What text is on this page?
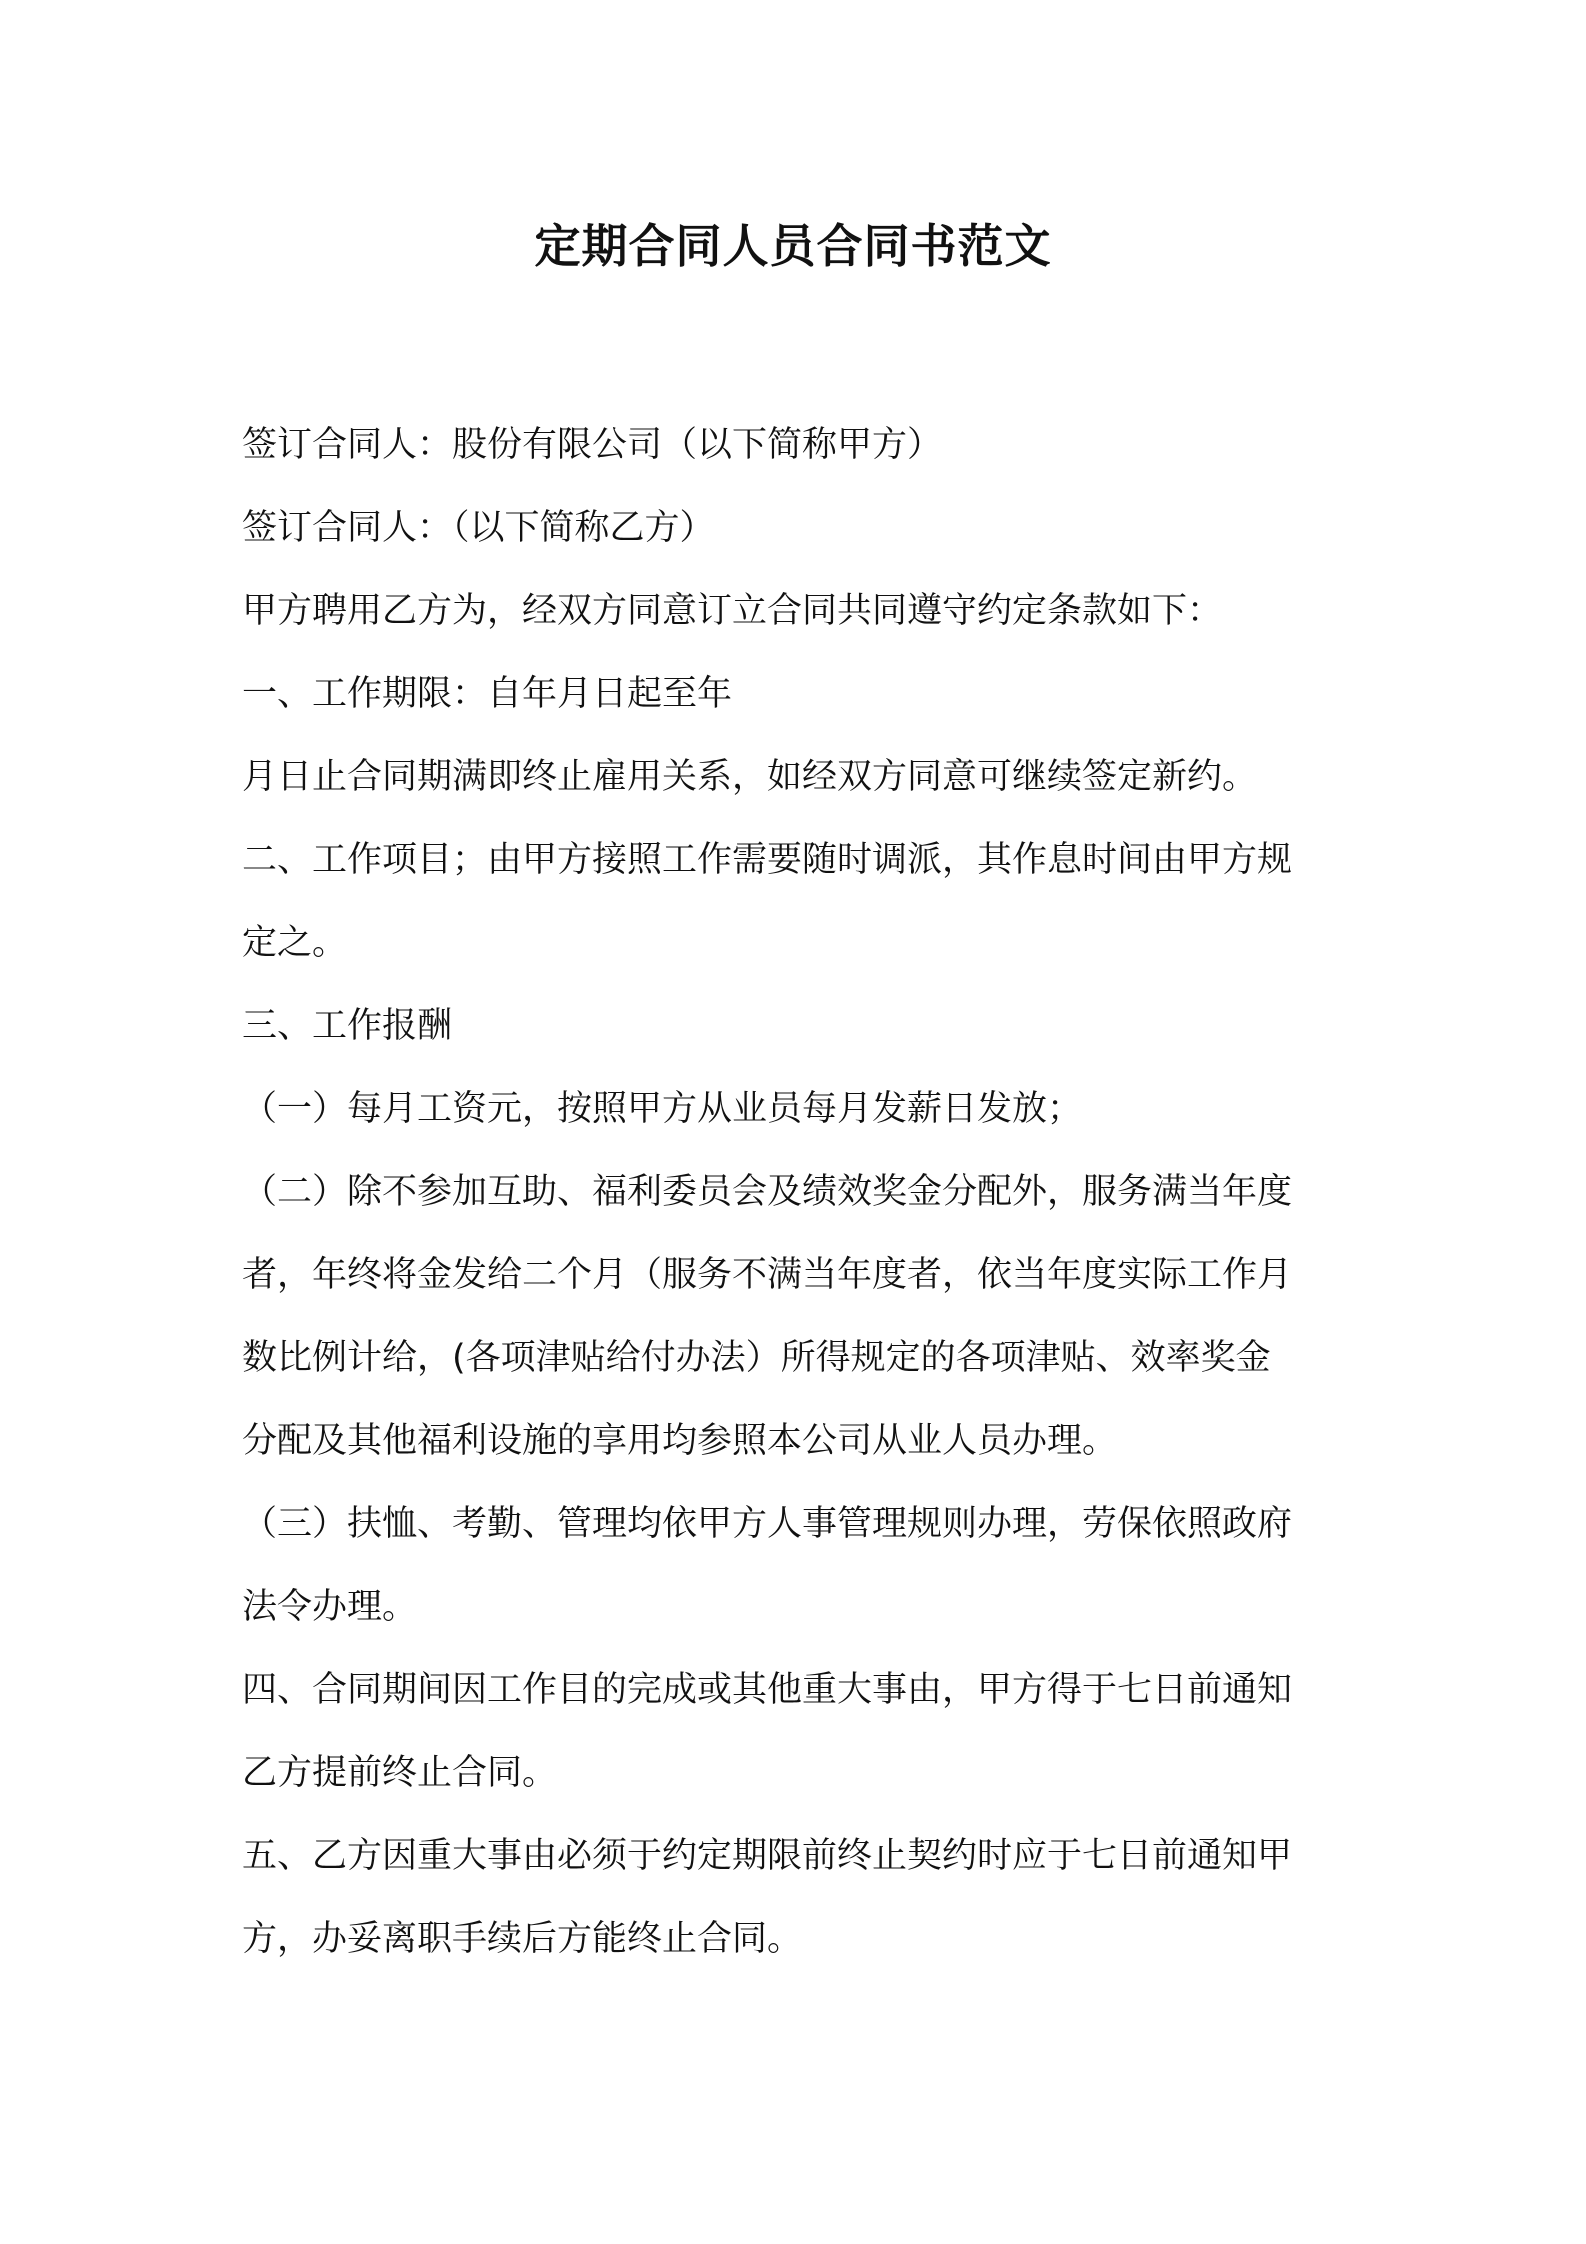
定期合同人员合同书范文
签订合同人：股份有限公司（以下简称甲方）
签订合同人：（以下简称乙方）
甲方聘用乙方为，经双方同意订立合同共同遵守约定条款如下：
一、工作期限：自年月日起至年
月日止合同期满即终止雇用关系，如经双方同意可继续签定新约。
二、工作项目；由甲方接照工作需要随时调派，其作息时间由甲方规
定之。
三、工作报酬
（一）每月工资元，按照甲方从业员每月发薪日发放；
（二）除不参加互助、福利委员会及绩效奖金分配外，服务满当年度
者，年终将金发给二个月（服务不满当年度者，依当年度实际工作月
数比例计给，(各项津贴给付办法）所得规定的各项津贴、效率奖金
分配及其他福利设施的享用均参照本公司从业人员办理。
（三）扶恤、考勤、管理均依甲方人事管理规则办理，劳保依照政府
法令办理。
四、合同期间因工作目的完成或其他重大事由，甲方得于七日前通知
乙方提前终止合同。
五、乙方因重大事由必须于约定期限前终止契约时应于七日前通知甲
方，办妥离职手续后方能终止合同。
